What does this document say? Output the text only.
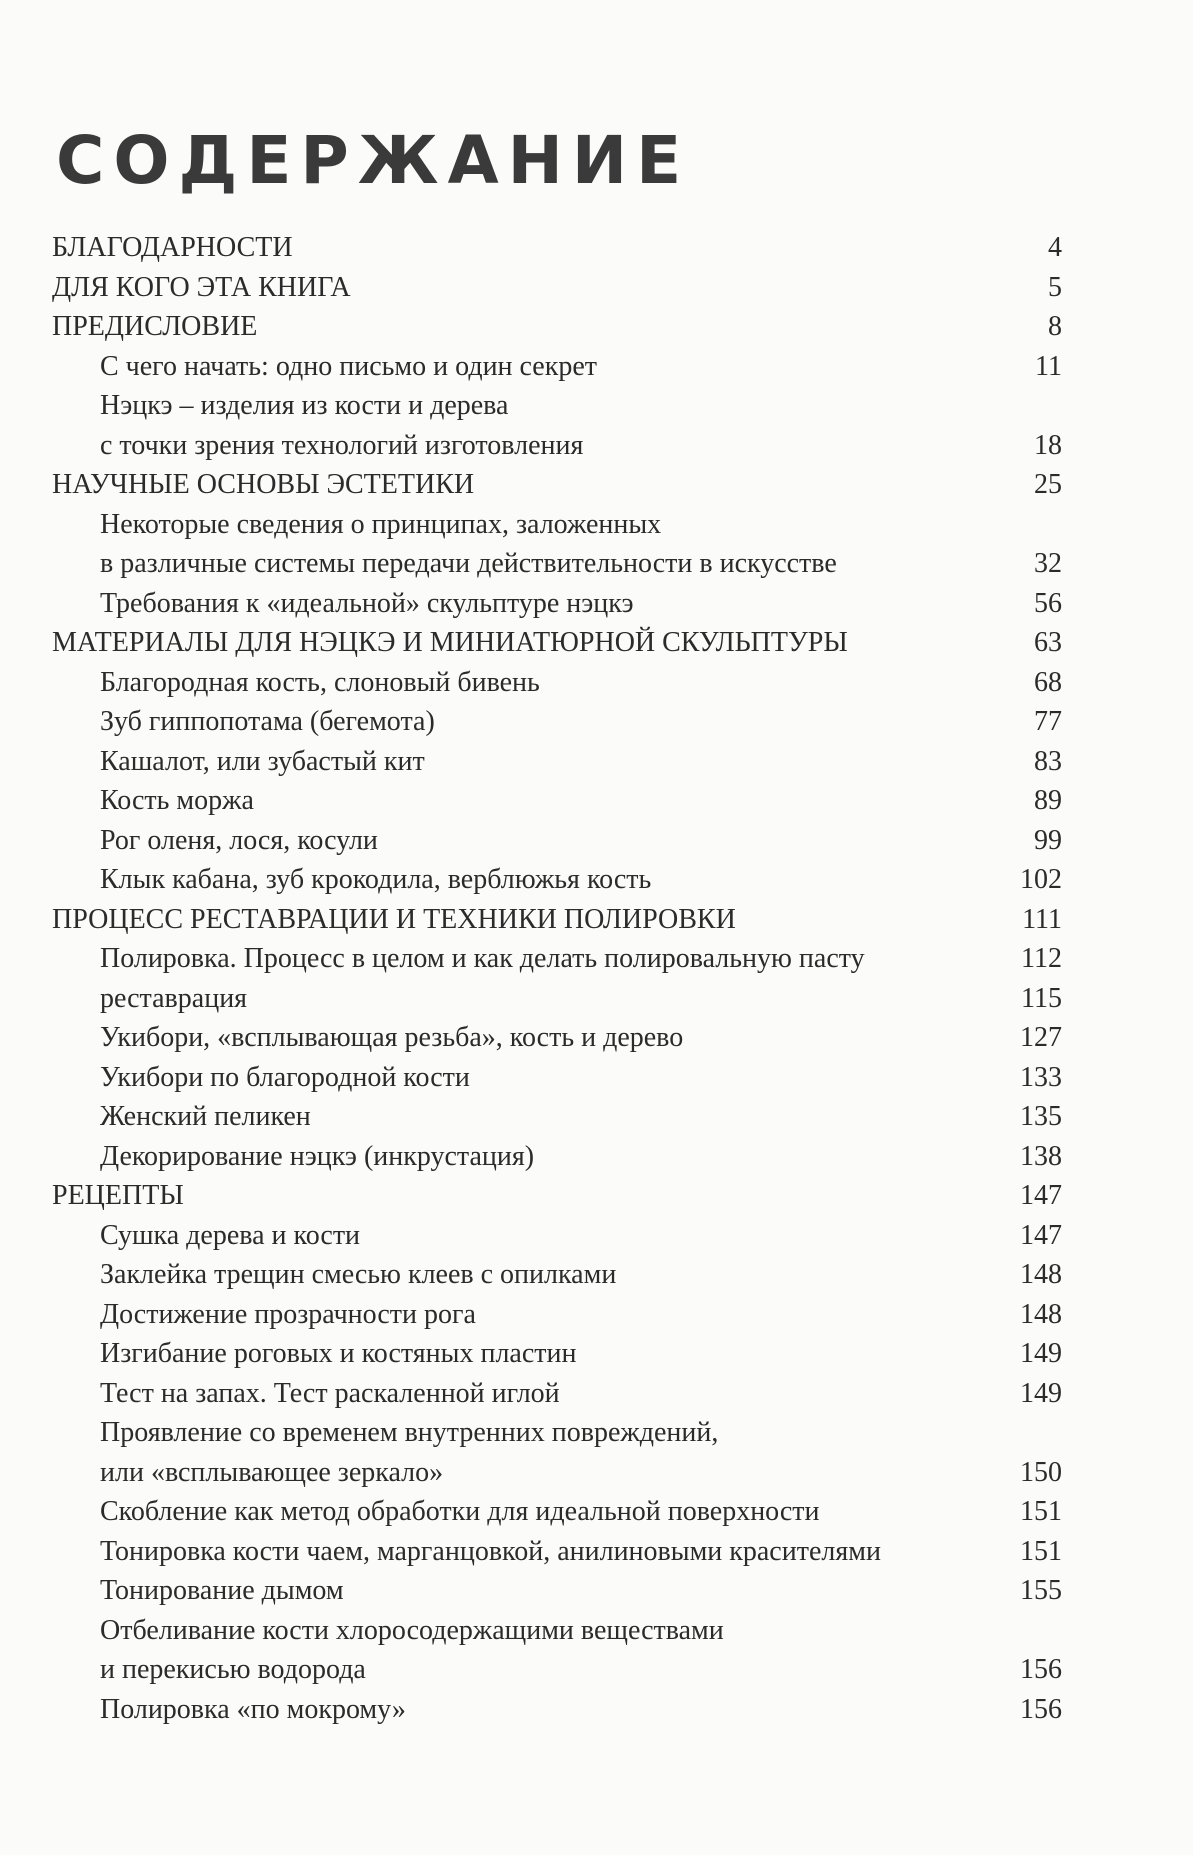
СОДЕРЖАНИЕ
БЛАГОДАРНОСТИ	4
ДЛЯ КОГО ЭТА КНИГА	5
ПРЕДИСЛОВИЕ	8
С чего начать: одно письмо и один секрет	11
Нэцкэ – изделия из кости и дерева
с точки зрения технологий изготовления	18
НАУЧНЫЕ ОСНОВЫ ЭСТЕТИКИ	25
Некоторые сведения о принципах, заложенных
в различные системы передачи действительности в искусстве	32
Требования к «идеальной» скульптуре нэцкэ	56
МАТЕРИАЛЫ ДЛЯ НЭЦКЭ И МИНИАТЮРНОЙ СКУЛЬПТУРЫ	63
Благородная кость, слоновый бивень	68
Зуб гиппопотама (бегемота)	77
Кашалот, или зубастый кит	83
Кость моржа	89
Рог оленя, лося, косули	99
Клык кабана, зуб крокодила, верблюжья кость	102
ПРОЦЕСС РЕСТАВРАЦИИ И ТЕХНИКИ ПОЛИРОВКИ	111
Полировка. Процесс в целом и как делать полировальную пасту	112
реставрация	115
Укибори, «всплывающая резьба», кость и дерево	127
Укибори по благородной кости	133
Женский пеликен	135
Декорирование нэцкэ (инкрустация)	138
РЕЦЕПТЫ	147
Сушка дерева и кости	147
Заклейка трещин смесью клеев с опилками	148
Достижение прозрачности рога	148
Изгибание роговых и костяных пластин	149
Тест на запах. Тест раскаленной иглой	149
Проявление со временем внутренних повреждений,
или «всплывающее зеркало»	150
Скобление как метод обработки для идеальной поверхности	151
Тонировка кости чаем, марганцовкой, анилиновыми красителями	151
Тонирование дымом	155
Отбеливание кости хлоросодержащими веществами
и перекисью водорода	156
Полировка «по мокрому»	156
